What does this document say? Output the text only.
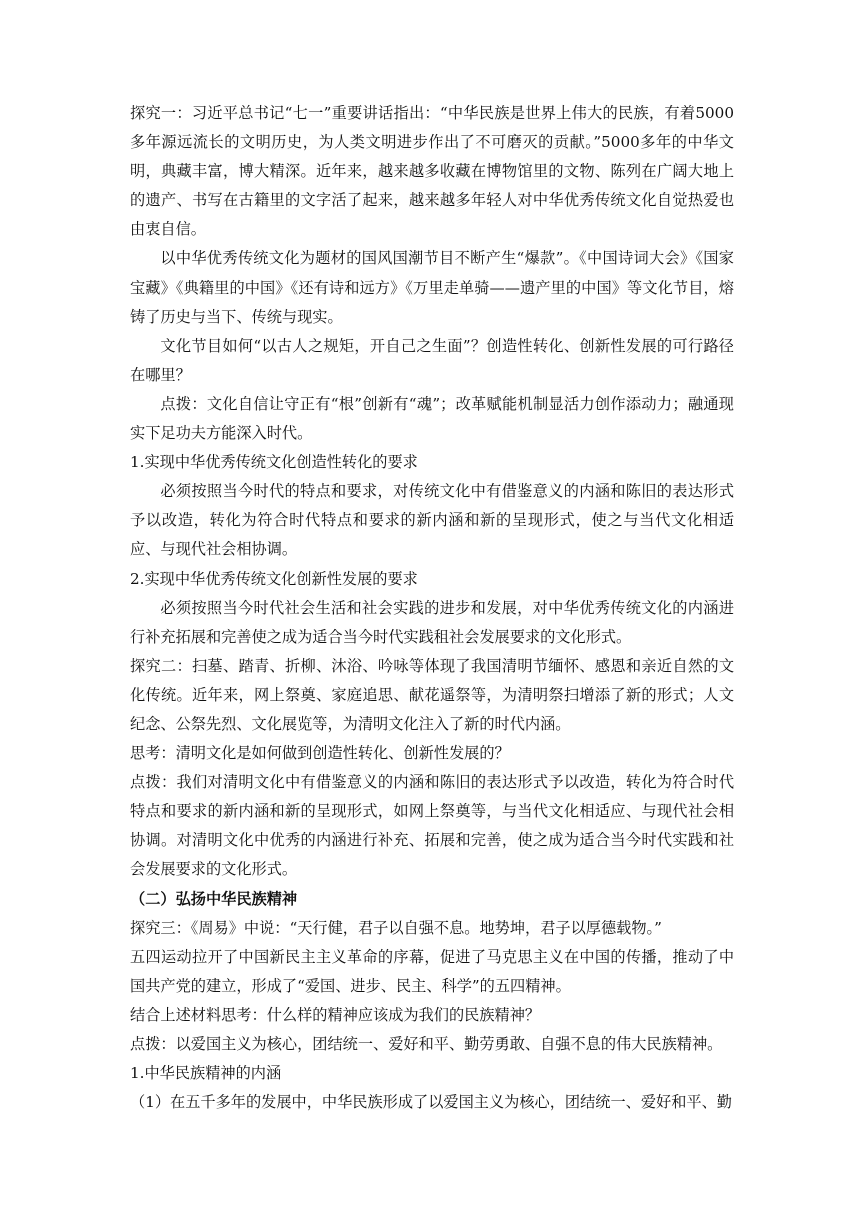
探究一：习近平总书记“七一”重要讲话指出：“中华民族是世界上伟大的民族，有着5000多年源远流长的文明历史，为人类文明进步作出了不可磨灭的贡献。”5000多年的中华文明，典藏丰富，博大精深。近年来，越来越多收藏在博物馆里的文物、陈列在广阔大地上的遗产、书写在古籍里的文字活了起来，越来越多年轻人对中华优秀传统文化自觉热爱也由衷自信。

以中华优秀传统文化为题材的国风国潮节目不断产生“爆款”。《中国诗词大会》《国家宝藏》《典籍里的中国》《还有诗和远方》《万里走单骑——遗产里的中国》等文化节目，熔铸了历史与当下、传统与现实。

文化节目如何“以古人之规矩，开自己之生面”？创造性转化、创新性发展的可行路径在哪里？

点拨：文化自信让守正有“根”创新有“魂”；改革赋能机制显活力创作添动力；融通现实下足功夫方能深入时代。

1.实现中华优秀传统文化创造性转化的要求

必须按照当今时代的特点和要求，对传统文化中有借鉴意义的内涵和陈旧的表达形式予以改造，转化为符合时代特点和要求的新内涵和新的呈现形式，使之与当代文化相适应、与现代社会相协调。

2.实现中华优秀传统文化创新性发展的要求

必须按照当今时代社会生活和社会实践的进步和发展，对中华优秀传统文化的内涵进行补充拓展和完善使之成为适合当今时代实践租社会发展要求的文化形式。

探究二：扫墓、踏青、折柳、沐浴、吟咏等体现了我国清明节缅怀、感恩和亲近自然的文化传统。近年来，网上祭奠、家庭追思、献花遥祭等，为清明祭扫增添了新的形式；人文纪念、公祭先烈、文化展览等，为清明文化注入了新的时代内涵。

思考：清明文化是如何做到创造性转化、创新性发展的？

点拨：我们对清明文化中有借鉴意义的内涵和陈旧的表达形式予以改造，转化为符合时代特点和要求的新内涵和新的呈现形式，如网上祭奠等，与当代文化相适应、与现代社会相协调。对清明文化中优秀的内涵进行补充、拓展和完善，使之成为适合当今时代实践和社会发展要求的文化形式。

（二）弘扬中华民族精神

探究三：《周易》中说：“天行健，君子以自强不息。地势坤，君子以厚德载物。”

五四运动拉开了中国新民主主义革命的序幕，促进了马克思主义在中国的传播，推动了中国共产党的建立，形成了“爱国、进步、民主、科学”的五四精神。

结合上述材料思考：什么样的精神应该成为我们的民族精神？

点拨：以爱国主义为核心，团结统一、爱好和平、勤劳勇敢、自强不息的伟大民族精神。

1.中华民族精神的内涵

（1）在五千多年的发展中，中华民族形成了以爱国主义为核心，团结统一、爱好和平、勤
